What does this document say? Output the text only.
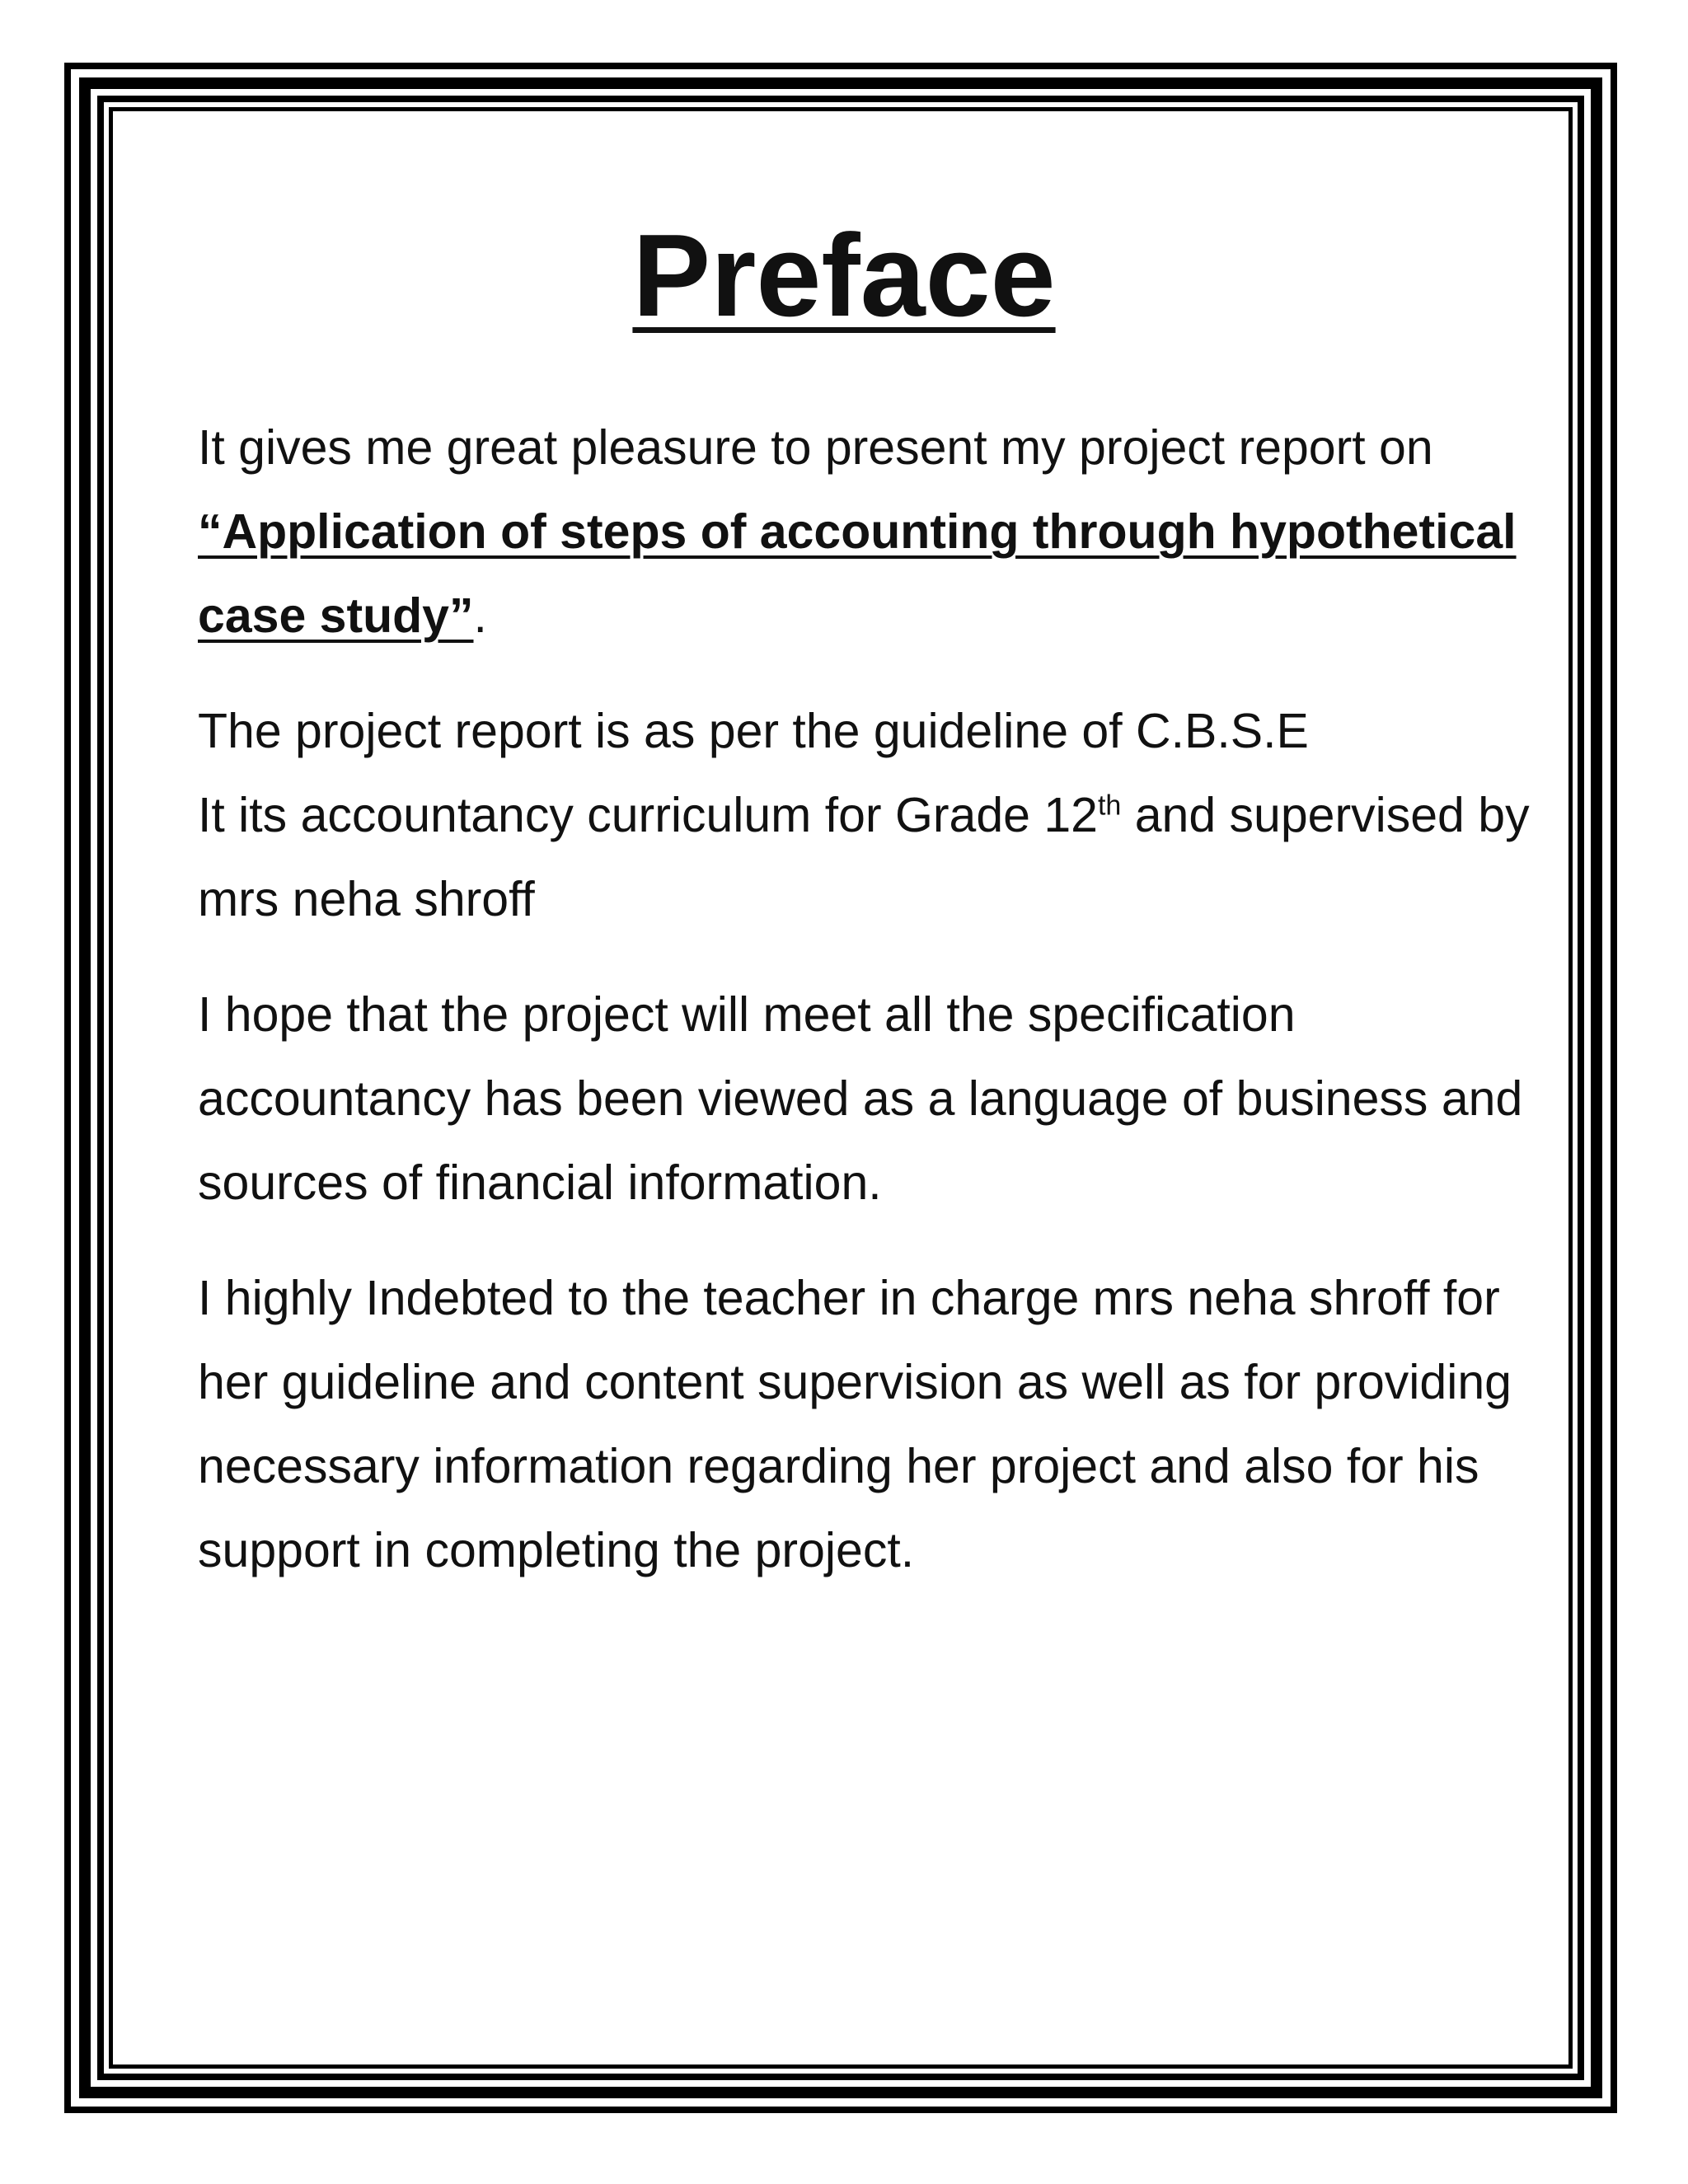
Preface

It gives me great pleasure to present my project report on “Application of steps of accounting through hypothetical case study”.

The project report is as per the guideline of C.B.S.E
It its accountancy curriculum for Grade 12th and supervised by mrs neha shroff

I hope that the project will meet all the specification accountancy has been viewed as a language of business and sources of financial information.

I highly Indebted to the teacher in charge mrs neha shroff for her guideline and content supervision as well as for providing necessary information regarding her project and also for his support in completing the project.
